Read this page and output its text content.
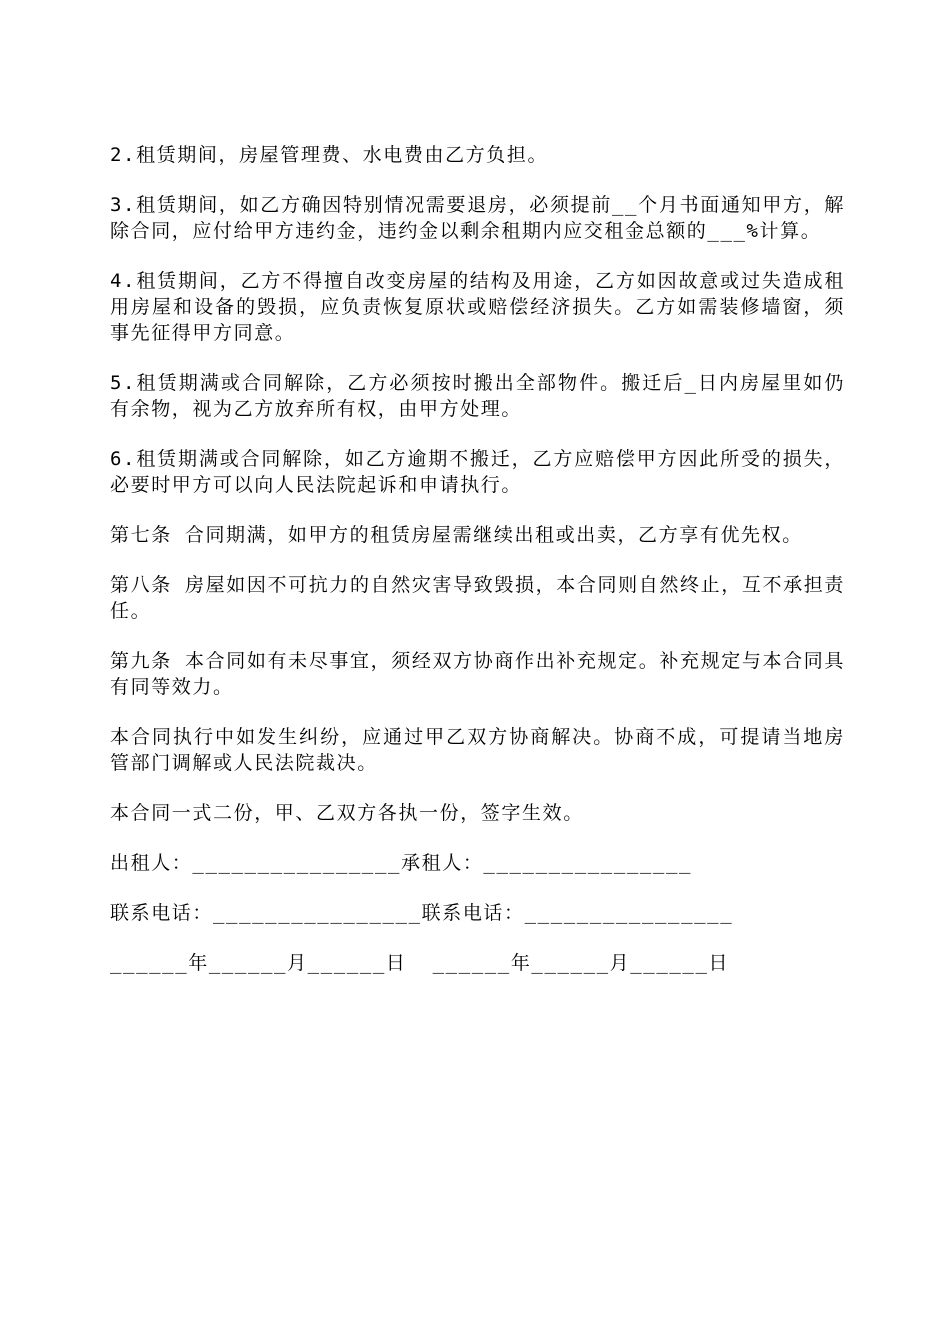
2.租赁期间，房屋管理费、水电费由乙方负担。

3.租赁期间，如乙方确因特别情况需要退房，必须提前__个月书面通知甲方，解除合同，应付给甲方违约金，违约金以剩余租期内应交租金总额的___%计算。

4.租赁期间，乙方不得擅自改变房屋的结构及用途，乙方如因故意或过失造成租用房屋和设备的毁损，应负责恢复原状或赔偿经济损失。乙方如需装修墙窗，须事先征得甲方同意。

5.租赁期满或合同解除，乙方必须按时搬出全部物件。搬迁后_日内房屋里如仍有余物，视为乙方放弃所有权，由甲方处理。

6.租赁期满或合同解除，如乙方逾期不搬迁，乙方应赔偿甲方因此所受的损失，必要时甲方可以向人民法院起诉和申请执行。

第七条 合同期满，如甲方的租赁房屋需继续出租或出卖，乙方享有优先权。

第八条 房屋如因不可抗力的自然灾害导致毁损，本合同则自然终止，互不承担责任。

第九条 本合同如有未尽事宜，须经双方协商作出补充规定。补充规定与本合同具有同等效力。

本合同执行中如发生纠纷，应通过甲乙双方协商解决。协商不成，可提请当地房管部门调解或人民法院裁决。

本合同一式二份，甲、乙双方各执一份，签字生效。

出租人：________________承租人：________________
联系电话：________________联系电话：________________
______年______月______日  ______年______月______日
